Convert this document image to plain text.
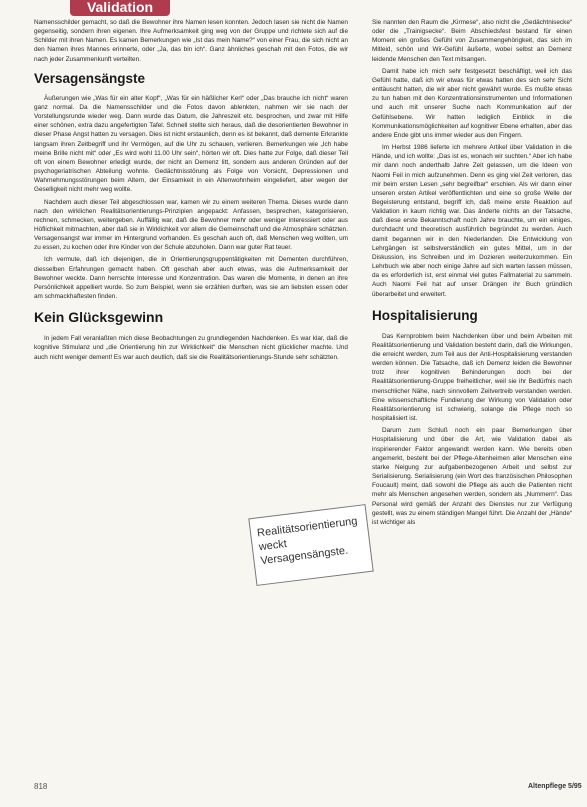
Validation

Namensschilder gemacht, so daß die Bewohner ihre Namen lesen konnten. Jedoch lasen sie nicht die Namen gegenseitig, sondern ihren eigenen. Ihre Aufmerksamkeit ging weg von der Gruppe und richtete sich auf die Schilder mit ihren Namen. Es kamen Bemerkungen wie „Ist das mein Name?“ von einer Frau, die sich nicht an den Namen ihres Mannes erinnerte, oder „Ja, das bin ich“. Ganz ähnliches geschah mit den Fotos, die wir nach jeder Zusammenkunft verteilten.

Versagensängste

Äußerungen wie „Was für ein alter Kopf“, „Was für ein häßlicher Kerl“ oder „Das brauche ich nicht“ waren ganz normal. Da die Namensschilder und die Fotos davon ablenkten, nahmen wir sie nach der Vorstellungsrunde wieder weg. Dann wurde das Datum, die Jahreszeit etc. besprochen, und zwar mit Hilfe einer schönen, extra dazu angefertigten Tafel. Schnell stellte sich heraus, daß die desorientierten Bewohner in dieser Phase Angst hatten zu versagen. Dies ist nicht erstaunlich, denn es ist bekannt, daß demente Erkrankte langsam ihren Zeitbegriff und ihr Vermögen, auf die Uhr zu schauen, verlieren. Bemerkungen wie „Ich habe meine Brille nicht mit“ oder „Es wird wohl 11.00 Uhr sein“, hörten wir oft. Dies hatte zur Folge, daß dieser Teil oft von einem Bewohner erledigt wurde, der nicht an Demenz litt, sondern aus anderen Gründen auf der psychogeriatrischen Abteilung wohnte. Gedächtnisstörung als Folge von Vorsicht, Depressionen und Wahrnehmungsstörungen beim Altern, der Einsamkeit in ein Altenwohnheim eingeliefert, aber wegen der Geselligkeit nicht mehr weg wollte.

Nachdem auch dieser Teil abgeschlossen war, kamen wir zu einem weiteren Thema. Dieses wurde dann nach den wirklichen Realitätsorientierungs-Prinzipien angepackt: Anfassen, besprechen, kategorisieren, rechnen, schmecken, weitergeben. Auffällig war, daß die Bewohner mehr oder weniger interessiert oder aus Höflichkeit mitmachten, aber daß sie in Wirklichkeit vor allem die Gemeinschaft und die Atmosphäre schätzten. Versagensangst war immer im Hintergrund vorhanden. Es geschah auch oft, daß Menschen weg wollten, um zu essen, zu kochen oder ihre Kinder von der Schule abzuholen. Dann war guter Rat teuer.

Ich vermute, daß ich diejenigen, die in Orientierungsgruppentätigkeiten mit Dementen durchführen, diesselben Erfahrungen gemacht haben. Oft geschah aber auch etwas, was die Aufmerksamkeit der Bewohner weckte. Dann herrschte Interesse und Konzentration. Das waren die Momente, in denen an ihre Persönlichkeit appelliert wurde. So zum Beispiel, wenn sie erzählen durften, was sie am liebsten essen oder am schmackhaftesten finden.

Kein Glücksgewinn

In jedem Fall veranlaßten mich diese Beobachtungen zu grundlegenden Nachdenken. Es war klar, daß die kognitive Stimulanz und „die Orientierung hin zur Wirklichkeit“ die Menschen nicht glücklicher machte. Und auch nicht weniger dement! Es war auch deutlich, daß sie die Realitätsorientierungs-Stunde sehr schätzten.

Sie nannten den Raum die „Kirmese“, also nicht die „Gedächtnisecke“ oder die „Trainigsecke“. Beim Abschiedsfest bestand für einen Moment ein großes Gefühl von Zusammengehörigkeit, das sich im Mitleid, schön und Wir-Gefühl äußerte, wobei selbst an Demenz leidende Menschen den Text mitsangen.

Damit habe ich mich sehr festgesetzt beschäftigt, weil ich das Gefühl hatte, daß ich wir etwas für etwas hatten des sich sehr Sicht enttäuscht hatten, die wir aber nicht gewährt wurde. Es mußte etwas zu tun haben mit den Konzentrationsinstrumenten und Informationen und auch mit unserer Suche nach Kommunikation auf der Gefühlsebene. Wir hatten lediglich Einblick in die Kommunikationsmöglichkeiten auf kognitiver Ebene erhalten, aber das andere Ende gibt uns immer wieder aus den Fingern.

Im Herbst 1986 lieferte ich mehrere Artikel über Validation in die Hände, und ich wollte: „Das ist es, wonach wir suchten.“ Aber ich habe mir dann noch anderthalb Jahre Zeit gelassen, um die Ideen von Naomi Feil in mich aufzunehmen. Denn es ging viel Zeit verloren, das mir beim ersten Lesen „sehr begreifbar“ erschien. Als wir dann einer unseren ersten Artikel veröffentlichten und eine so große Welle der Begeisterung entstand, begriff ich, daß meine erste Reaktion auf Validation in kaum richtig war. Das änderte nichts an der Tatsache, daß diese erste Bekanntschaft noch Jahre brauchte, um ein einiges, durchdacht und theoretisch ausführlich begründet zu werden. Auch damit begannen wir in den Niederlanden. Die Entwicklung von Lehrgängen ist selbstverständlich ein gutes Mittel, um in der Diskussion, ins Schreiben und im Dozieren weiterzukommen. Ein Lehrbuch wie aber noch einige Jahre auf sich warten lassen müssen, da es erforderlich ist, erst einmal viel gutes Fallmaterial zu sammeln. Auch Naomi Feil hat auf unser Drängen ihr Buch gründlich überarbeitet und erweitert.

Hospitalisierung

Das Kernproblem beim Nachdenken über und beim Arbeiten mit Realitätsorientierung und Validation besteht darin, daß die Wirkungen, die erreicht werden, zum Teil aus der Anti-Hospitalisierung verstanden werden können. Die Tatsache, daß ich Demenz leiden die Bewohner trotz ihrer kognitiven Behinderungen doch bei der Realitätsorientierung-Gruppe freiheitlicher, weil sie ihr Bedürfnis nach menschlicher Nähe, nach sinnvollem Zeitvertreib verstanden werden. Eine wissenschaftliche Fundierung der Wirkung von Validation oder Realitätsorientierung ist schwierig, solange die Pflege noch so hospitalisiert ist.

Darum zum Schluß noch ein paar Bemerkungen über Hospitalisierung und über die Art, wie Validation dabei als inspirierender Faktor angewandt werden kann. Wie bereits oben angemerkt, besteht bei der Pflege-Altenheimen aller Menschen eine starke Neigung zur aufgabenbezogenen Arbeit und selbst zur Serialisierung. Serialisierung (ein Wort des französischen Philosophen Foucault) meint, daß sowohl die Pflege als auch die Patienten nicht mehr als Menschen angesehen werden, sondern als „Nummern“. Das Personal wird gemäß der Anzahl des Dienstes nur zur Verfügung gestellt, was zu einem ständigen Mangel führt. Die Anzahl der „Hände“ ist wichtiger als

Realitätsorientierung weckt Versagensängste.
818	Altenpflege 5/95
